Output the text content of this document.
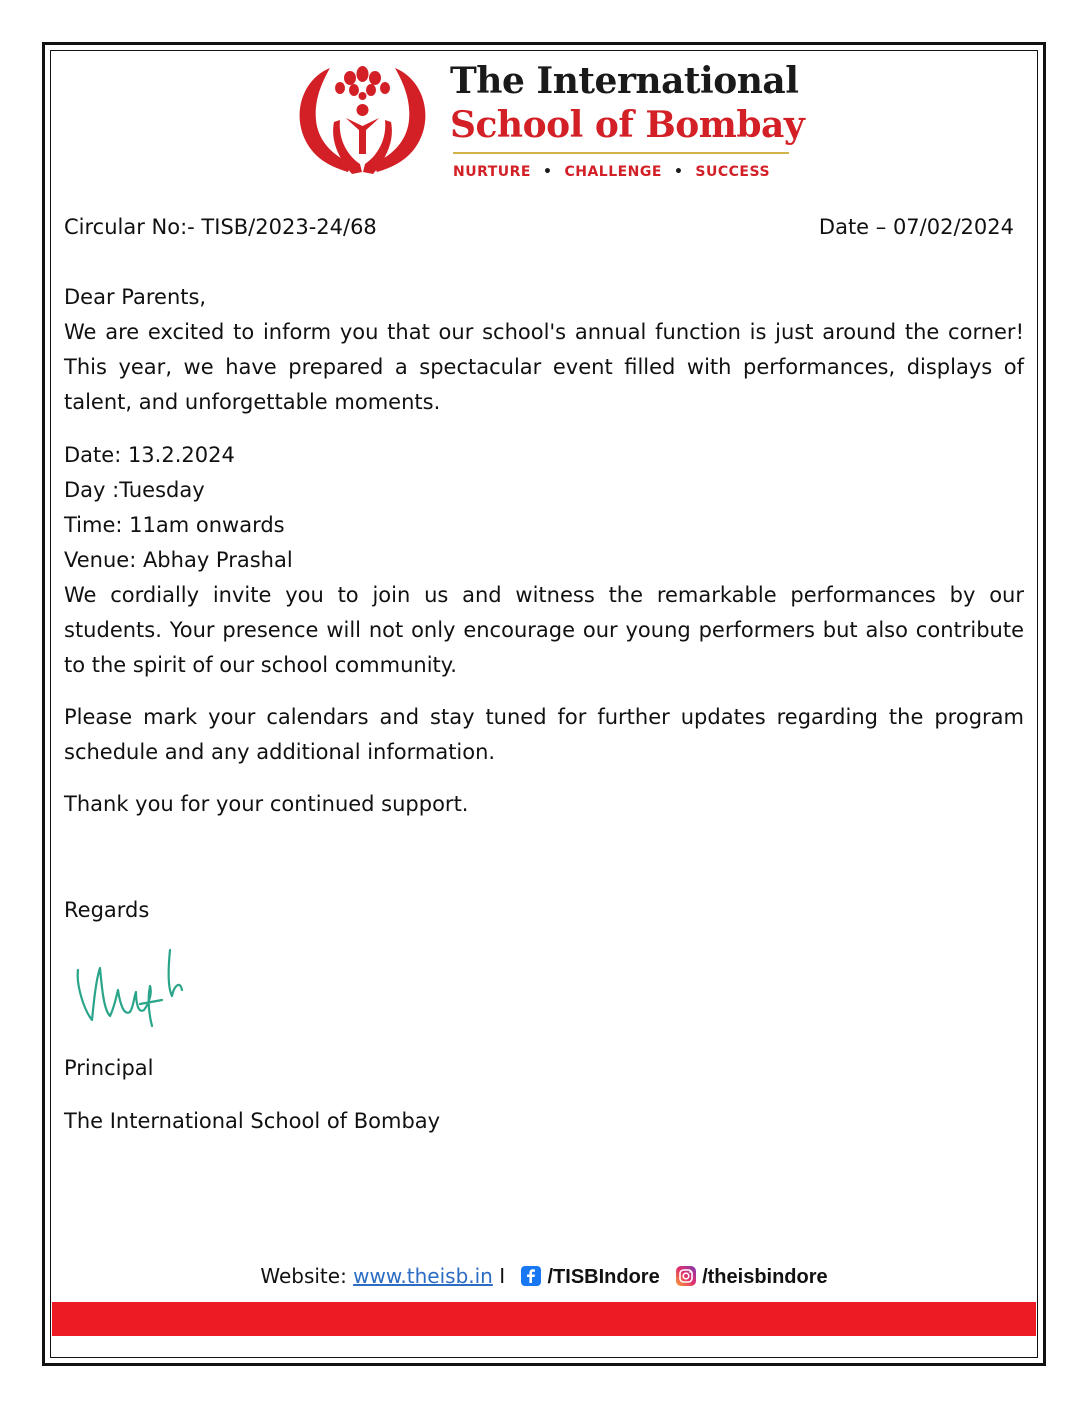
The International
School of Bombay
NURTURE • CHALLENGE • SUCCESS
Circular No:- TISB/2023-24/68	Date – 07/02/2024
Dear Parents,
We are excited to inform you that our school's annual function is just around the corner! This year, we have prepared a spectacular event filled with performances, displays of talent, and unforgettable moments.
Date: 13.2.2024
Day :Tuesday
Time: 11am onwards
Venue: Abhay Prashal
We cordially invite you to join us and witness the remarkable performances by our students. Your presence will not only encourage our young performers but also contribute to the spirit of our school community.
Please mark your calendars and stay tuned for further updates regarding the program schedule and any additional information.
Thank you for your continued support.
Regards
Principal
The International School of Bombay
Website: www.theisb.in I /TISBIndore /theisbindore
